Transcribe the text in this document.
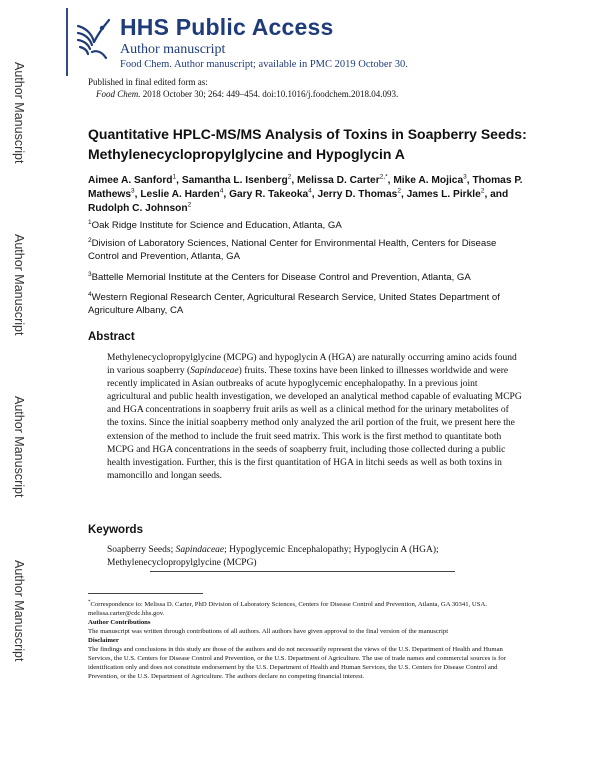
Author Manuscript
Author Manuscript
Author Manuscript
Author Manuscript
HHS Public Access
Author manuscript
Food Chem. Author manuscript; available in PMC 2019 October 30.
Published in final edited form as:
Food Chem. 2018 October 30; 264: 449–454. doi:10.1016/j.foodchem.2018.04.093.
Quantitative HPLC-MS/MS Analysis of Toxins in Soapberry Seeds: Methylenecyclopropylglycine and Hypoglycin A
Aimee A. Sanford$^1$, Samantha L. Isenberg$^2$, Melissa D. Carter$^{2,*}$, Mike A. Mojica$^3$, Thomas P. Mathews$^3$, Leslie A. Harden$^4$, Gary R. Takeoka$^4$, Jerry D. Thomas$^2$, James L. Pirkle$^2$, and Rudolph C. Johnson$^2$
$^1$Oak Ridge Institute for Science and Education, Atlanta, GA
$^2$Division of Laboratory Sciences, National Center for Environmental Health, Centers for Disease Control and Prevention, Atlanta, GA
$^3$Battelle Memorial Institute at the Centers for Disease Control and Prevention, Atlanta, GA
$^4$Western Regional Research Center, Agricultural Research Service, United States Department of Agriculture Albany, CA
Abstract
Methylenecyclopropylglycine (MCPG) and hypoglycin A (HGA) are naturally occurring amino acids found in various soapberry (Sapindaceae) fruits. These toxins have been linked to illnesses worldwide and were recently implicated in Asian outbreaks of acute hypoglycemic encephalopathy. In a previous joint agricultural and public health investigation, we developed an analytical method capable of evaluating MCPG and HGA concentrations in soapberry fruit arils as well as a clinical method for the urinary metabolites of the toxins. Since the initial soapberry method only analyzed the aril portion of the fruit, we present here the extension of the method to include the fruit seed matrix. This work is the first method to quantitate both MCPG and HGA concentrations in the seeds of soapberry fruit, including those collected during a public health investigation. Further, this is the first quantitation of HGA in litchi seeds as well as both toxins in mamoncillo and longan seeds.
Keywords
Soapberry Seeds; Sapindaceae; Hypoglycemic Encephalopathy; Hypoglycin A (HGA); Methylenecyclopropylglycine (MCPG)

*Correspondence to: Melissa D. Carter, PhD Division of Laboratory Sciences, Centers for Disease Control and Prevention, Atlanta, GA 30341, USA. melissa.carter@cdc.hhs.gov.

Author Contributions

The manuscript was written through contributions of all authors. All authors have given approval to the final version of the manuscript

Disclaimer

The findings and conclusions in this study are those of the authors and do not necessarily represent the views of the U.S. Department of Health and Human Services, the U.S. Centers for Disease Control and Prevention, or the U.S. Department of Agriculture. The use of trade names and commercial sources is for identification only and does not constitute endorsement by the U.S. Department of Health and Human Services, the U.S. Centers for Disease Control and Prevention, or the U.S. Department of Agriculture. The authors declare no competing financial interest.
